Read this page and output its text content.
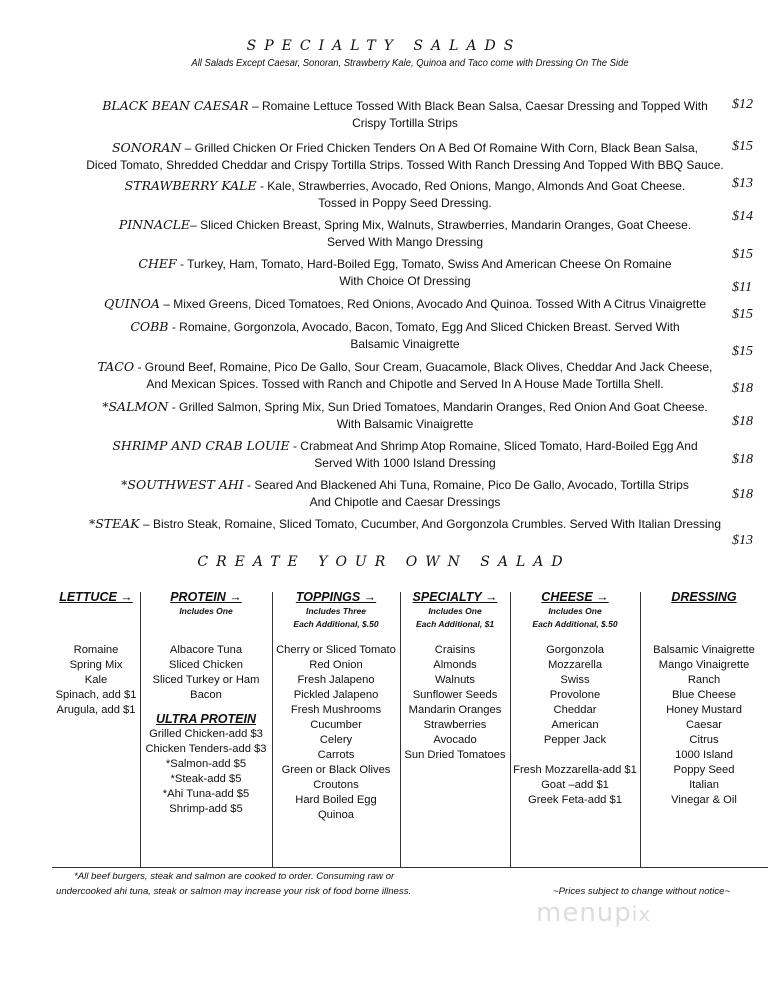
SPECIALTY SALADS
All Salads Except Caesar, Sonoran, Strawberry Kale, Quinoa and Taco come with Dressing On The Side
BLACK BEAN CAESAR – Romaine Lettuce Tossed With Black Bean Salsa, Caesar Dressing and Topped With
Crispy Tortilla Strips
SONORAN – Grilled Chicken Or Fried Chicken Tenders On A Bed Of Romaine With Corn, Black Bean Salsa,
Diced Tomato, Shredded Cheddar and Crispy Tortilla Strips. Tossed With Ranch Dressing And Topped With BBQ Sauce.
STRAWBERRY KALE - Kale, Strawberries, Avocado, Red Onions, Mango, Almonds And Goat Cheese.
Tossed in Poppy Seed Dressing.
PINNACLE– Sliced Chicken Breast, Spring Mix, Walnuts, Strawberries, Mandarin Oranges, Goat Cheese.
Served With Mango Dressing
CHEF - Turkey, Ham, Tomato, Hard-Boiled Egg, Tomato, Swiss And American Cheese On Romaine
With Choice Of Dressing
QUINOA – Mixed Greens, Diced Tomatoes, Red Onions, Avocado And Quinoa. Tossed With A Citrus Vinaigrette
COBB - Romaine, Gorgonzola, Avocado, Bacon, Tomato, Egg And Sliced Chicken Breast. Served With
Balsamic Vinaigrette
TACO - Ground Beef, Romaine, Pico De Gallo, Sour Cream, Guacamole, Black Olives, Cheddar And Jack Cheese,
And Mexican Spices. Tossed with Ranch and Chipotle and Served In A House Made Tortilla Shell.
*SALMON - Grilled Salmon, Spring Mix, Sun Dried Tomatoes, Mandarin Oranges, Red Onion And Goat Cheese.
With Balsamic Vinaigrette
SHRIMP AND CRAB LOUIE - Crabmeat And Shrimp Atop Romaine, Sliced Tomato, Hard-Boiled Egg And
Served With 1000 Island Dressing
*SOUTHWEST AHI - Seared And Blackened Ahi Tuna, Romaine, Pico De Gallo, Avocado, Tortilla Strips
And Chipotle and Caesar Dressings
*STEAK – Bistro Steak, Romaine, Sliced Tomato, Cucumber, And Gorgonzola Crumbles. Served With Italian Dressing
$12
$15
$13
$14
$15
$11
$15
$15
$18
$18
$18
$18
$13
CREATE YOUR OWN SALAD
LETTUCE →
Romaine
Spring Mix
Kale
Spinach, add $1
Arugula, add $1
PROTEIN →
Includes One
Albacore Tuna
Sliced Chicken
Sliced Turkey or Ham
Bacon
ULTRA PROTEIN
Grilled Chicken-add $3
Chicken Tenders-add $3
*Salmon-add $5
*Steak-add $5
*Ahi Tuna-add $5
Shrimp-add $5
TOPPINGS →
Includes Three
Each Additional, $.50
Cherry or Sliced Tomato
Red Onion
Fresh Jalapeno
Pickled Jalapeno
Fresh Mushrooms
Cucumber
Celery
Carrots
Green or Black Olives
Croutons
Hard Boiled Egg
Quinoa
SPECIALTY →
Includes One
Each Additional, $1
Craisins
Almonds
Walnuts
Sunflower Seeds
Mandarin Oranges
Strawberries
Avocado
Sun Dried Tomatoes
CHEESE →
Includes One
Each Additional, $.50
Gorgonzola
Mozzarella
Swiss
Provolone
Cheddar
American
Pepper Jack

Fresh Mozzarella-add $1
Goat –add $1
Greek Feta-add $1
DRESSING
Balsamic Vinaigrette
Mango Vinaigrette
Ranch
Blue Cheese
Honey Mustard
Caesar
Citrus
1000 Island
Poppy Seed
Italian
Vinegar & Oil
*All beef burgers, steak and salmon are cooked to order. Consuming raw or
undercooked ahi tuna, steak or salmon may increase your risk of food borne illness.	~Prices subject to change without notice~
menupix
